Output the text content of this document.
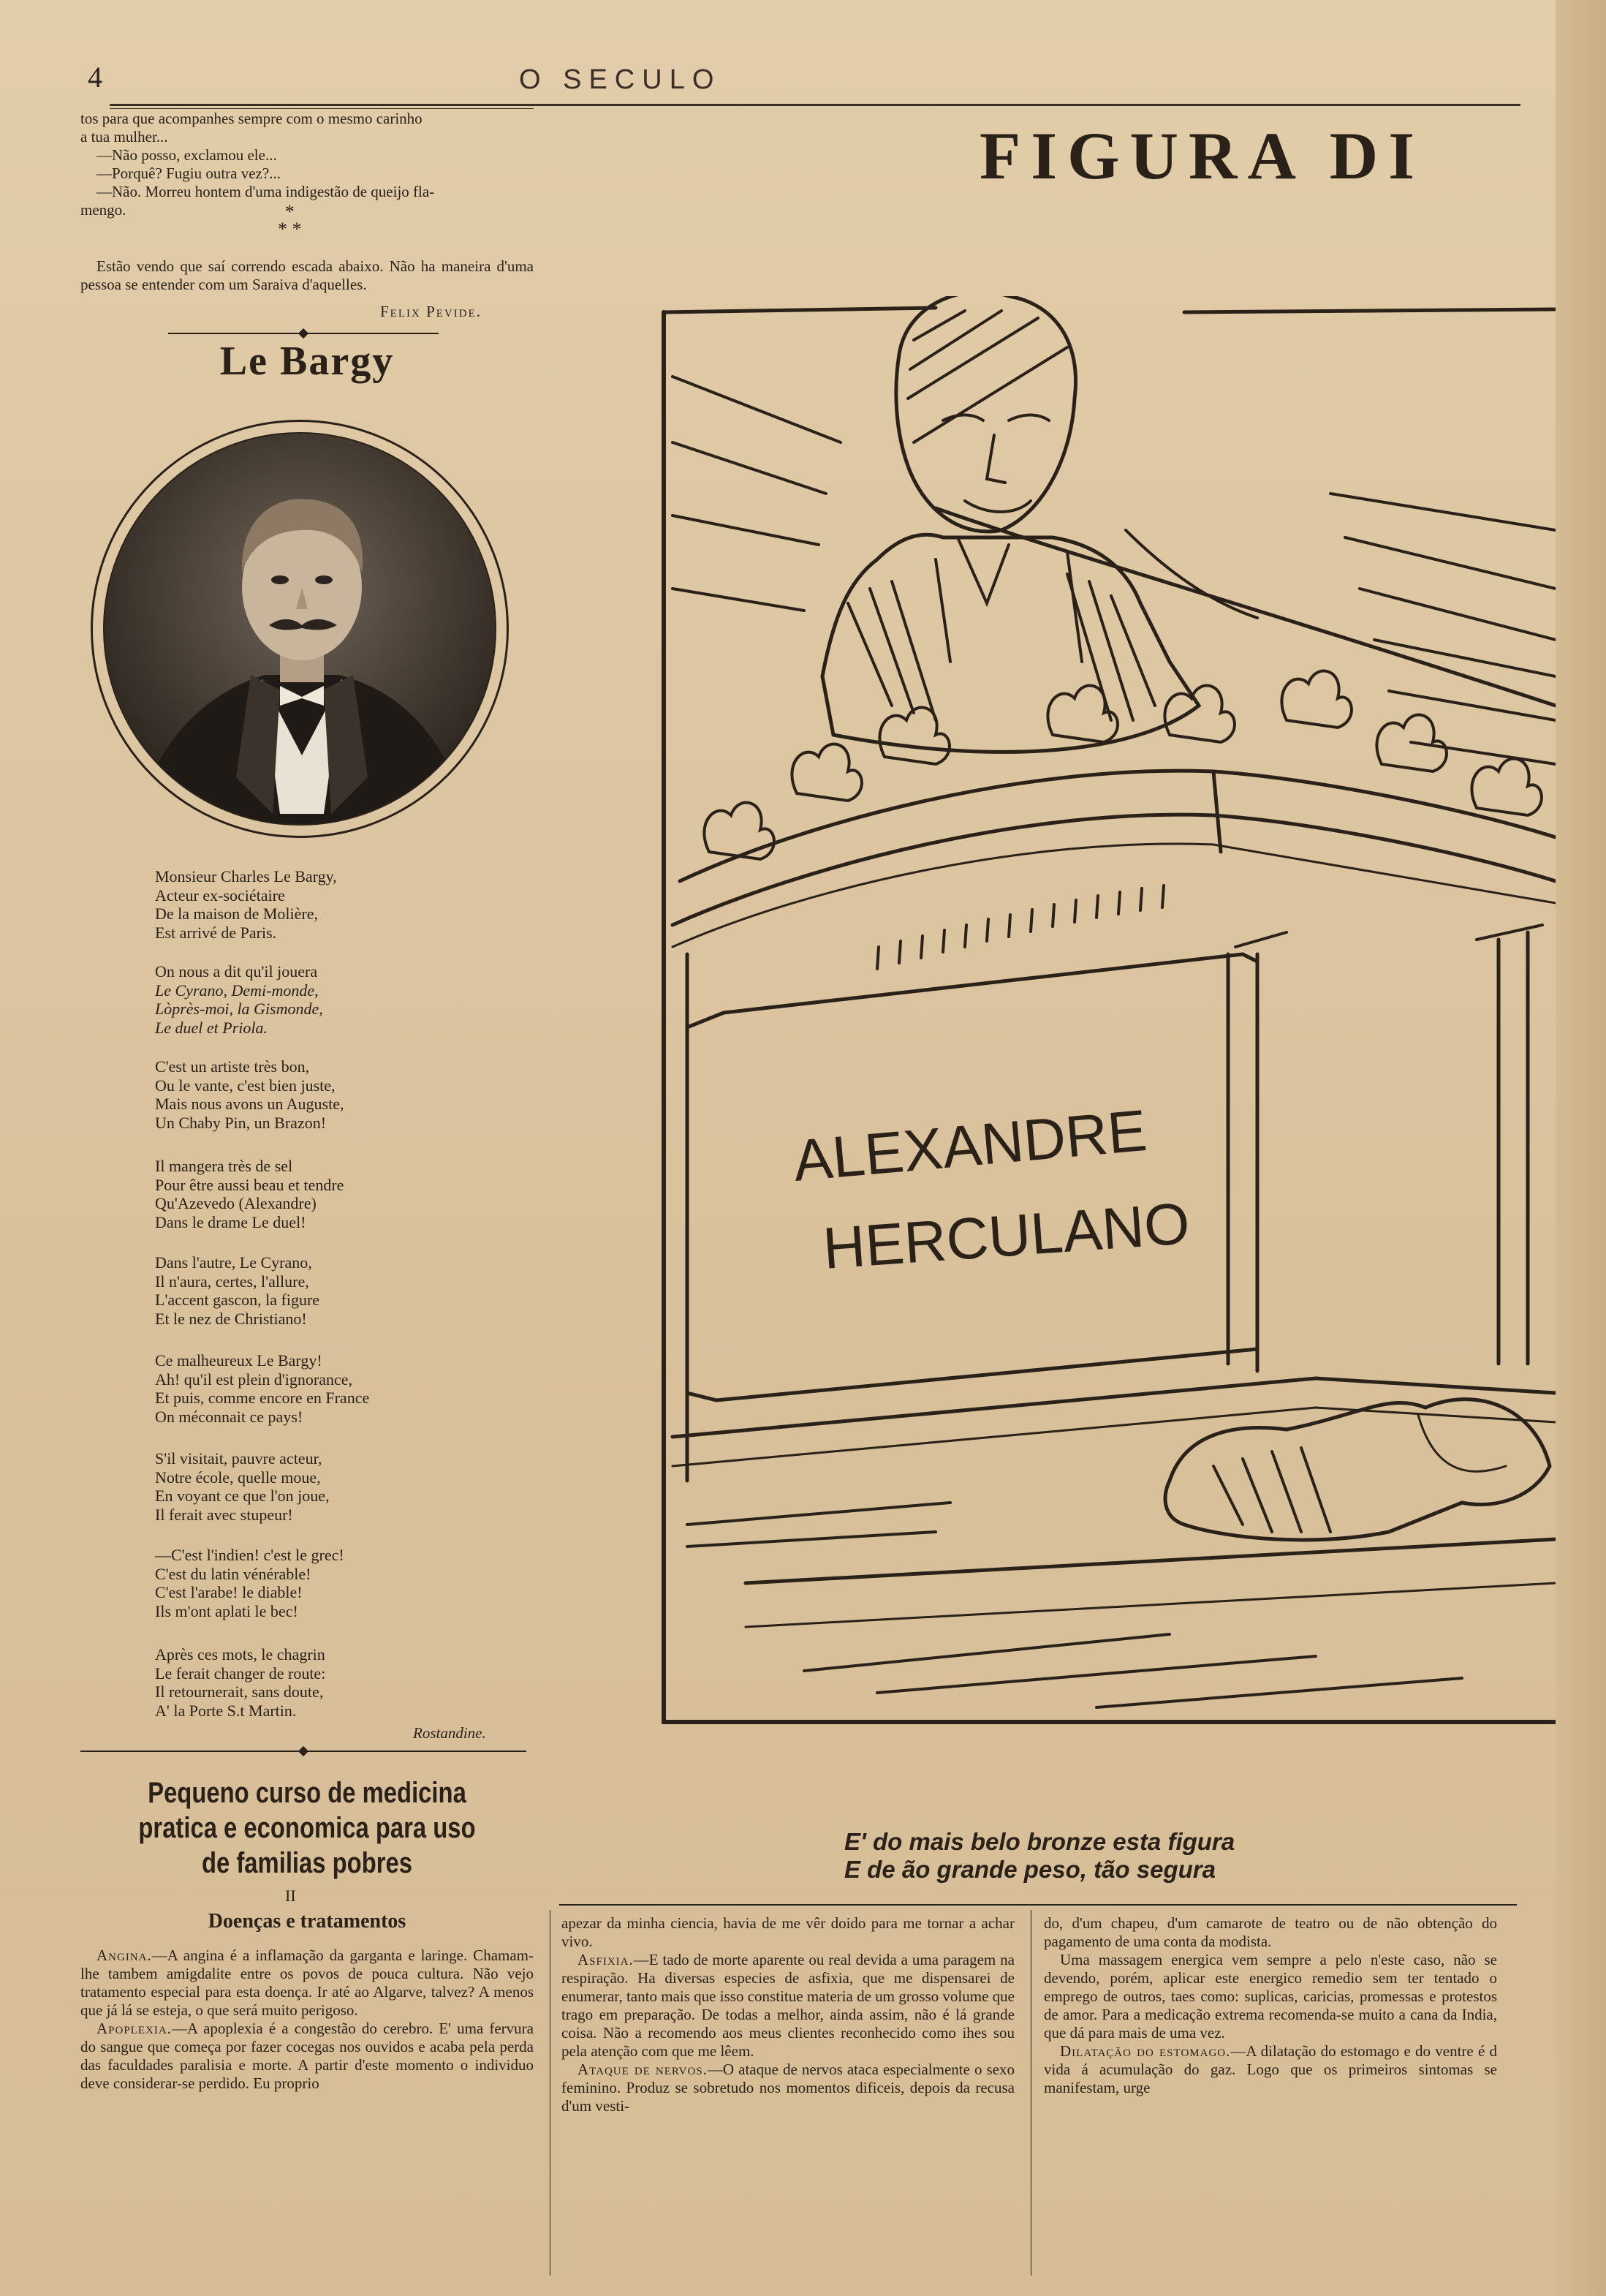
4	O SECULO

tos para que acompanhes sempre com o mesmo carinho

a tua mulher...

—Não posso, exclamou ele...

—Porquê? Fugiu outra vez?...

—Não. Morreu hontem d'uma indigestão de queijo fla-

mengo.	*
* *

Estão vendo que saí correndo escada abaixo. Não ha maneira d'uma pessoa se entender com um Saraiva d'aquelles.

Felix Pevide.
Le Bargy
Monsieur Charles Le Bargy,
Acteur ex-sociétaire
De la maison de Molière,
Est arrivé de Paris.
On nous a dit qu'il jouera
Le Cyrano, Demi-monde,
Lòprès-moi, la Gismonde,
Le duel et Priola.
C'est un artiste très bon,
Ou le vante, c'est bien juste,
Mais nous avons un Auguste,
Un Chaby Pin, un Brazon!
Il mangera très de sel
Pour être aussi beau et tendre
Qu'Azevedo (Alexandre)
Dans le drame Le duel!
Dans l'autre, Le Cyrano,
Il n'aura, certes, l'allure,
L'accent gascon, la figure
Et le nez de Christiano!
Ce malheureux Le Bargy!
Ah! qu'il est plein d'ignorance,
Et puis, comme encore en France
On méconnait ce pays!
S'il visitait, pauvre acteur,
Notre école, quelle moue,
En voyant ce que l'on joue,
Il ferait avec stupeur!
—C'est l'indien! c'est le grec!
C'est du latin vénérable!
C'est l'arabe! le diable!
Ils m'ont aplati le bec!
Après ces mots, le chagrin
Le ferait changer de route:
Il retournerait, sans doute,
A' la Porte S.t Martin.
Rostandine.
Pequeno curso de medicina pratica e economica para uso de familias pobres
II
Doenças e tratamentos

Angina.—A angina é a inflamação da garganta e laringe. Chamam-lhe tambem amigdalite entre os povos de pouca cultura. Não vejo tratamento especial para esta doença. Ir até ao Algarve, talvez? A menos que já lá se esteja, o que será muito perigoso.

Apoplexia.—A apoplexia é a congestão do cerebro. E' uma fervura do sangue que começa por fazer cocegas nos ouvidos e acaba pela perda das faculdades paralisia e morte. A partir d'este momento o individuo deve considerar-se perdido. Eu proprio

apezar da minha ciencia, havia de me vêr doido para me tornar a achar vivo.

Asfixia.—E tado de morte aparente ou real devida a uma paragem na respiração. Ha diversas especies de asfixia, que me dispensarei de enumerar, tanto mais que isso constitue materia de um grosso volume que trago em preparação. De todas a melhor, ainda assim, não é lá grande coisa. Não a recomendo aos meus clientes reconhecido como ihes sou pela atenção com que me lêem.

Ataque de nervos.—O ataque de nervos ataca especialmente o sexo feminino. Produz se sobretudo nos momentos dificeis, depois da recusa d'um vesti-

do, d'um chapeu, d'um camarote de teatro ou de não obtenção do pagamento de uma conta da modista.

Uma massagem energica vem sempre a pelo n'este caso, não se devendo, porém, aplicar este energico remedio sem ter tentado o emprego de outros, taes como: suplicas, caricias, promessas e protestos de amor. Para a medicação extrema recomenda-se muito a cana da India, que dá para mais de uma vez.

Dilatação do estomago.—A dilatação do estomago e do ventre é d vida á acumulação do gaz. Logo que os primeiros sintomas se manifestam, urge

FIGURA DI
ALEXANDRE
HERCULANO
E' do mais belo bronze esta figura
E de ão grande peso, tão segura
